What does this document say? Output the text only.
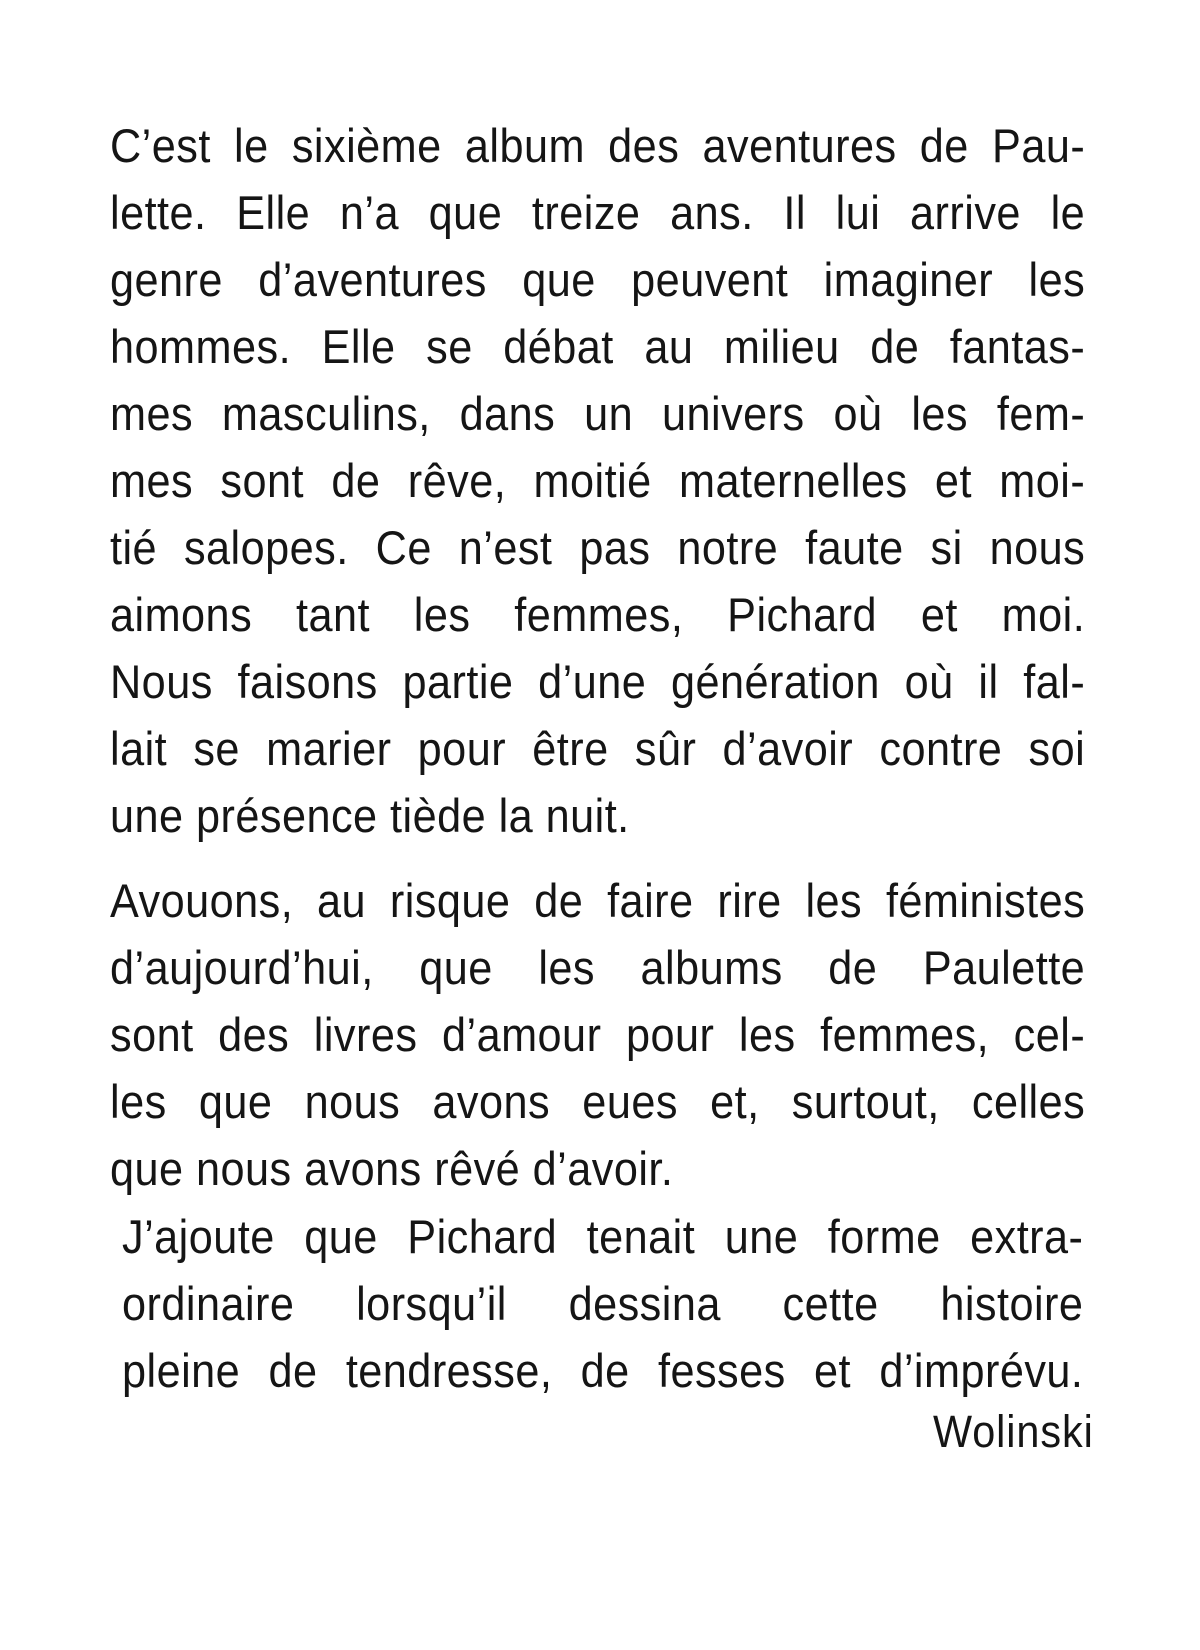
C’est le sixième album des aventures de Pau-
lette. Elle n’a que treize ans. Il lui arrive le
genre d’aventures que peuvent imaginer les
hommes. Elle se débat au milieu de fantas-
mes masculins, dans un univers où les fem-
mes sont de rêve, moitié maternelles et moi-
tié salopes. Ce n’est pas notre faute si nous
aimons tant les femmes, Pichard et moi.
Nous faisons partie d’une génération où il fal-
lait se marier pour être sûr d’avoir contre soi
une présence tiède la nuit.
Avouons, au risque de faire rire les féministes
d’aujourd’hui, que les albums de Paulette
sont des livres d’amour pour les femmes, cel-
les que nous avons eues et, surtout, celles
que nous avons rêvé d’avoir.
J’ajoute que Pichard tenait une forme extra-
ordinaire lorsqu’il dessina cette histoire
pleine de tendresse, de fesses et d’imprévu.
Wolinski
